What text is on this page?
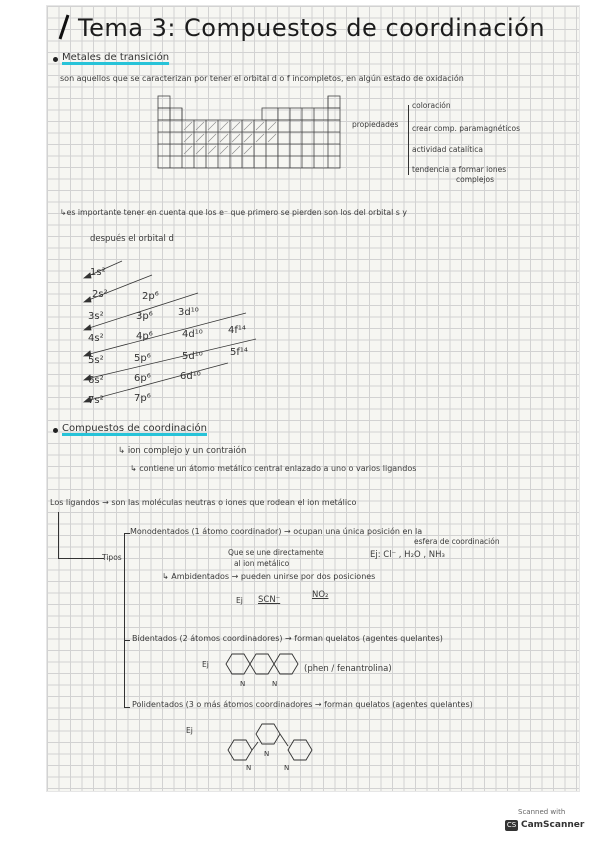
Tema 3: Compuestos de coordinación
Metales de transición
son aquellos que se caracterizan por tener el orbital d o f incompletos, en algún estado de oxidación
propiedades
coloración
crear comp. paramagnéticos
actividad catalítica
tendencia a formar iones
complejos
↳es importante tener en cuenta que los e⁻ que primero se pierden son los del orbital s y
después el orbital d
1s²
2s²	2p⁶
3s²	3p⁶	3d¹⁰
4s²	4p⁶	4d¹⁰	4f¹⁴
5s²	5p⁶	5d¹⁰	5f¹⁴
6s²	6p⁶	6d¹⁰
7s²	7p⁶
Compuestos de coordinación
↳ ion complejo y un contraión
↳ contiene un átomo metálico central enlazado a uno o varios ligandos
Los ligandos → son las moléculas neutras o iones que rodean el ion metálico
Tipos
Monodentados (1 átomo coordinador) → ocupan una única posición en la
esfera de coordinación
Que se une directamente
al ion metálico
Ej: Cl⁻ , H₂O , NH₃
↳ Ambidentados → pueden unirse por dos posiciones
Ej SCN⁻	NO₂
Bidentados (2 átomos coordinadores) → forman quelatos (agentes quelantes)
Ej
N	N
(phen / fenantrolina)
Polidentados (3 o más átomos coordinadores → forman quelatos (agentes quelantes)
Ej
N
N
N
Scanned with
CS CamScanner
